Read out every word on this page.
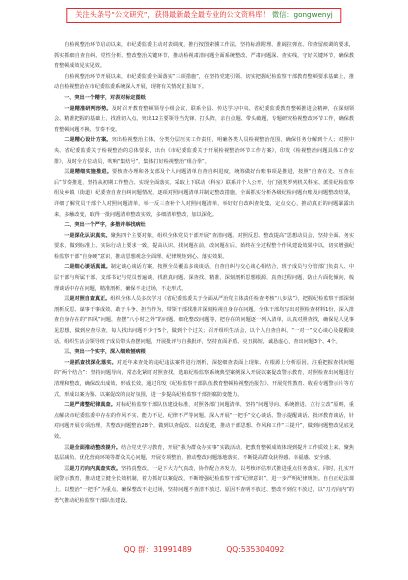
关注头条号“公文研究”，获得最新最全最专业的公文资料库！ 微信：gongwenyj

自检视整治环节启动以来，市纪委监委主动对表调度，推行按图索骥工作法，坚持标准附理、准阔拉弹直、印查留痕调的要求，抓实抓细自查自纠、党性分析、整改整治关键环节，推动检视肃清问题全面系统整改、严肃问题深、查实线、守好关键环节，确保教育整顿成效见实见效。

自检视整治环节开展以来，市纪委监委全面落实“三项措施”，在坚持党建引领、切实把握纪检监察干部教育整顿要求基础上，推动自检视整治在市纪委监委系统深入开展，现将有关情况汇报如下。

一、突出一个精字，对表对标定图纸

一是精准研判形势。及时召开教育整顿领导小组会议，联系全县、传达学习中央、省纪委监委教育整顿推进会精神，在深刻领会、精准把握的基础上，找准切入点。突出12主要领导当先锋、打头阵，亲自点题、带头破题，专题研究检视整改环节工作，确保教育整顿问题不换、节奏不变。

二是精心设计方案。突出检视整治主体，分类分层压实工作责任，明确各类人员检视整治范围，确保任务分解到个人；对照中央、省纪委监委关于检视整治的总体要求，出台《市纪委监委关于开展检视整治环节工作方案》，印发《检视整治问题具体工作安排》，及时全方位动员，吹响“集结号”，集体打好检视整治“组合拳”。

三是精细实施推进。要核查办理和各支部及个人问题清单自查自纠进度，统筹做好台账事项是推进，按照“自查在先、互查在后”节奏推进，坚持从初期工作整合、实现全面落实。采取上下联动（科室）联系并个人公开，分门别类罗列机关科室、派驻纪检监察组及乡镇（街道）纪委查自查自纠问题情况，逐项对照问题清单并制定整改措施，全面抓实分析各级纪检问题台账及问题整改结果，详细了解党员干部个人对照问题清单，举一反三查补个人对照问题清单，举好好自改纠查处集，定点交心，推动真正的问题暴露出来，多触改变，取得一批问题清单整改实效，多细清单整改，加以深化。

二、突出一个严字，多措并举找病灶

一是深化认识真实。聚焦四个主要对象，组织全体党员干部开展“查清问题、对照反思、整改提高”思想动员会，坚持全面、务实要求，做到标准上、实际行动上要求一致，提高认识、找问题在前，改问题在后，始终在全过程整个作风建设效果中以，切实增强纪检监察干部“自身硬”意识，推动思想观念全面理、纪律规矩到心、落实效果。

二是细心谈话真诚。制定谈心谈话方案，按照全员覆盖多谈谈话，自查自纠与交心谈心相结合，班子成员与分管部门负责人、中层干部与所属干部、支部书记与党员普遍谈，找准真问题、深查找、精准、深刻剖析思想根源，真查过程问题，防止片面化倾向，梳理谈话中存在问题，精准剖析，确保不走过场，不走形式。

三是对照自查真正。组织全体人员多次学习《省纪委监委关于全面从严治党主体责任检查考核“八步法”》，把握纪检监察干部深刻剖析反思、谋事干事成效、敢于斗争、担当作为，带领干部找准并深刻检视自身存在问题。全体干部均写出对照检查材料1份，深入排查自身存在的“四风”问题，查摆“八小时之外”的问题、细化整改问题等，把存在的问题逐一列入清单，认真对照查找，确保见人见事见思想，做到应查尽查，每人找出问题不少于5个，做到个个过关；召开组织生活会，以个人自查自纠、“一对一”交心谈心及提醒谈话，组织生活会领导班子成员带头查摆问题，开展批评与自我批评，坚持直面矛盾、亮丑揭短，诚恳虚心，查出问题3个、4个。

三、突出一个实字，深入细致刨病根

一是抓查找深化落实。对近年来查处的违纪违法案件进行剖析，深挖细查表面上现象、在根源上分析原因。注重把握查找问题的“两个结合”：坚持问题导向，常态化紧盯对照查找，选取纪检监察系统典型案例深入开展以案促改警示教育，对照检查出问题进行清理和整改，确保改出成效、形成长效。通过印发《纪检监察干部队伍教育整顿检视整治报告》、开展党性教育、收看专题警示片等方式，形成以案为鉴、以案促改的良好氛围，进一步提高纪检监察干部拒腐防变能力。

二是严肃整纪律真查。对标纪检监察干部队伍建设标准，对照各部门问题清单，坚持“问题导向、系统推进、立行立改”原则，重点解决市纪委监委中存在的作风不实、能力不足、纪律不严等问题。深入开展“一把手”交心谈话、警示提醒谈话、批评教育谈话，针对问题开展专项治理，共整改问题整治28个，做到以查促改、以改促建，推动干部思想、作风和工作“三提升”，做到问题整改见底见效。

三是全面推动整改提升。结合党史学习教育，开展“我为群众办实事”实践活动，把教育整顿成效体现到提升工作质效上来。聚焦基层减负、优化营商环境等群众关心问题，开展专项整治，推动整改问题落地落实，不断提高群众获得感、幸福感、安全感。

三是刀刃向内真查实改。坚持真整改。一是下大力气真改，协作配合齐发力，以考核评估形式推进重点任务落实。同时，扎实开展警示教育，推动建立健全长效机制，着力抓好以案促改，不断增强纪检监察干部“纪律意识”，进一步严明纪律规矩。自自正纪法课上，以整治“一把手”为重点，确保整改不走过场，坚持问题不查清不放过、原因不查明不放过、整改不到位不放过，以“刀刃向内”的勇气推动纪检监察干部队伍建设。

QQ 群：31991489	QQ:535304092
